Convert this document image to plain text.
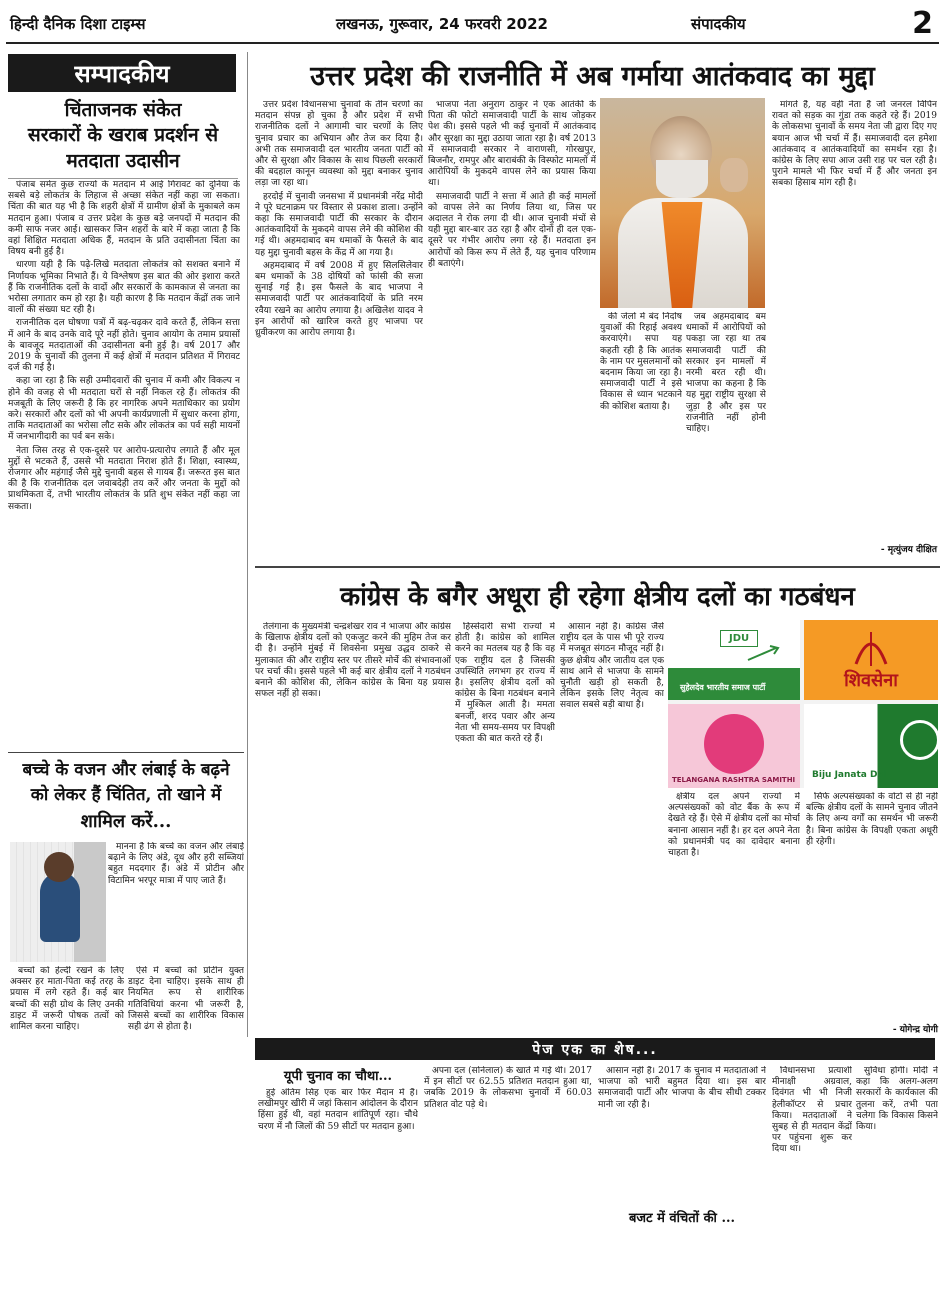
हिन्दी दैनिक दिशा टाइम्स	लखनऊ, गुरूवार, 24 फरवरी 2022	संपादकीय	2
सम्पादकीय
चिंताजनक संकेत
सरकारों के खराब प्रदर्शन से
मतदाता उदासीन

पंजाब समेत कुछ राज्यों के मतदान में आई गिरावट को दुनिया के सबसे बड़े लोकतंत्र के लिहाज से अच्छा संकेत नहीं कहा जा सकता। चिंता की बात यह भी है कि शहरी क्षेत्रों में ग्रामीण क्षेत्रों के मुकाबले कम मतदान हुआ। पंजाब व उत्तर प्रदेश के कुछ बड़े जनपदों में मतदान की कमी साफ नजर आई। खासकर जिन शहरों के बारे में कहा जाता है कि वहां शिक्षित मतदाता अधिक हैं, मतदान के प्रति उदासीनता चिंता का विषय बनी हुई है।

धारणा यही है कि पढ़े-लिखे मतदाता लोकतंत्र को सशक्त बनाने में निर्णायक भूमिका निभाते हैं। ये विश्लेषण इस बात की ओर इशारा करते हैं कि राजनीतिक दलों के वादों और सरकारों के कामकाज से जनता का भरोसा लगातार कम हो रहा है। यही कारण है कि मतदान केंद्रों तक जाने वालों की संख्या घट रही है।

राजनीतिक दल घोषणा पत्रों में बढ़-चढ़कर दावे करते हैं, लेकिन सत्ता में आने के बाद उनके वादे पूरे नहीं होते। चुनाव आयोग के तमाम प्रयासों के बावजूद मतदाताओं की उदासीनता बनी हुई है। वर्ष 2017 और 2019 के चुनावों की तुलना में कई क्षेत्रों में मतदान प्रतिशत में गिरावट दर्ज की गई है।

कहा जा रहा है कि सही उम्मीदवारों की चुनाव में कमी और विकल्प न होने की वजह से भी मतदाता घरों से नहीं निकल रहे हैं। लोकतंत्र की मजबूती के लिए जरूरी है कि हर नागरिक अपने मताधिकार का प्रयोग करे। सरकारों और दलों को भी अपनी कार्यप्रणाली में सुधार करना होगा, ताकि मतदाताओं का भरोसा लौट सके और लोकतंत्र का पर्व सही मायनों में जनभागीदारी का पर्व बन सके।

नेता जिस तरह से एक-दूसरे पर आरोप-प्रत्यारोप लगाते हैं और मूल मुद्दों से भटकते हैं, उससे भी मतदाता निराश होते हैं। शिक्षा, स्वास्थ्य, रोजगार और महंगाई जैसे मुद्दे चुनावी बहस से गायब हैं। जरूरत इस बात की है कि राजनीतिक दल जवाबदेही तय करें और जनता के मुद्दों को प्राथमिकता दें, तभी भारतीय लोकतंत्र के प्रति शुभ संकेत नहीं कहा जा सकता।

उत्तर प्रदेश की राजनीति में अब गर्माया आतंकवाद का मुद्दा

उत्तर प्रदेश विधानसभा चुनावों के तीन चरणों का मतदान संपन्न हो चुका है और प्रदेश में सभी राजनीतिक दलों ने आगामी चार चरणों के लिए चुनाव प्रचार का अभियान और तेज कर दिया है। अभी तक समाजवादी दल भारतीय जनता पार्टी को और से सुरक्षा और विकास के साथ पिछली सरकारों की बदहाल कानून व्यवस्था को मुद्दा बनाकर चुनाव लड़ा जा रहा था।

हरदोई में चुनावी जनसभा में प्रधानमंत्री नरेंद्र मोदी ने पूरे घटनाक्रम पर विस्तार से प्रकाश डाला। उन्होंने कहा कि समाजवादी पार्टी की सरकार के दौरान आतंकवादियों के मुकदमे वापस लेने की कोशिश की गई थी। अहमदाबाद बम धमाकों के फैसले के बाद यह मुद्दा चुनावी बहस के केंद्र में आ गया है।

अहमदाबाद में वर्ष 2008 में हुए सिलसिलेवार बम धमाकों के 38 दोषियों को फांसी की सजा सुनाई गई है। इस फैसले के बाद भाजपा ने समाजवादी पार्टी पर आतंकवादियों के प्रति नरम रवैया रखने का आरोप लगाया है। अखिलेश यादव ने इन आरोपों को खारिज करते हुए भाजपा पर ध्रुवीकरण का आरोप लगाया है।

भाजपा नेता अनुराग ठाकुर ने एक आतंकी के पिता की फोटो समाजवादी पार्टी के साथ जोड़कर पेश की। इससे पहले भी कई चुनावों में आतंकवाद और सुरक्षा का मुद्दा उठाया जाता रहा है। वर्ष 2013 में समाजवादी सरकार ने वाराणसी, गोरखपुर, बिजनौर, रामपुर और बाराबंकी के विस्फोट मामलों में आरोपियों के मुकदमे वापस लेने का प्रयास किया था।

समाजवादी पार्टी ने सत्ता में आते ही कई मामलों को वापस लेने का निर्णय लिया था, जिस पर अदालत ने रोक लगा दी थी। आज चुनावी मंचों से यही मुद्दा बार-बार उठ रहा है और दोनों ही दल एक-दूसरे पर गंभीर आरोप लगा रहे हैं। मतदाता इन आरोपों को किस रूप में लेते हैं, यह चुनाव परिणाम ही बताएंगे।

की जेलों में बंद निर्दोष युवाओं की रिहाई अवश्य करवाएंगे। सपा यह कहती रही है कि आतंक के नाम पर मुसलमानों को बदनाम किया जा रहा है। समाजवादी पार्टी ने इसे विकास से ध्यान भटकाने की कोशिश बताया है।

जब अहमदाबाद बम धमाकों में आरोपियों को पकड़ा जा रहा था तब समाजवादी पार्टी की सरकार इन मामलों में नरमी बरत रही थी। भाजपा का कहना है कि यह मुद्दा राष्ट्रीय सुरक्षा से जुड़ा है और इस पर राजनीति नहीं होनी चाहिए।

मांगते हैं, यह वहीं नेता हैं जो जनरल विपिन रावत को सड़क का गुंडा तक कहते रहे हैं। 2019 के लोकसभा चुनावों के समय नेता जी द्वारा दिए गए बयान आज भी चर्चा में हैं। समाजवादी दल हमेशा आतंकवाद व आतंकवादियों का समर्थन रहा है। कांग्रेस के लिए सपा आज उसी राह पर चल रही है। पुराने मामले भी फिर चर्चा में हैं और जनता इन सबका हिसाब मांग रही है।

- मृत्युंजय दीक्षित
कांग्रेस के बगैर अधूरा ही रहेगा क्षेत्रीय दलों का गठबंधन

तेलंगाना के मुख्यमंत्री चन्द्रशेखर राव ने भाजपा और कांग्रेस के खिलाफ क्षेत्रीय दलों को एकजुट करने की मुहिम तेज कर दी है। उन्होंने मुंबई में शिवसेना प्रमुख उद्धव ठाकरे से मुलाकात की और राष्ट्रीय स्तर पर तीसरे मोर्चे की संभावनाओं पर चर्चा की। इससे पहले भी कई बार क्षेत्रीय दलों ने गठबंधन बनाने की कोशिश की, लेकिन कांग्रेस के बिना यह प्रयास सफल नहीं हो सका।

हिस्सेदारी सभी राज्यों में होती है। कांग्रेस को शामिल करने का मतलब यह है कि वह एक राष्ट्रीय दल है जिसकी उपस्थिति लगभग हर राज्य में है। इसलिए क्षेत्रीय दलों को कांग्रेस के बिना गठबंधन बनाने में मुश्किल आती है। ममता बनर्जी, शरद पवार और अन्य नेता भी समय-समय पर विपक्षी एकता की बात करते रहे हैं।

आसान नहीं है। कांग्रेस जैसे राष्ट्रीय दल के पास भी पूरे राज्य में मजबूत संगठन मौजूद नहीं है। कुछ क्षेत्रीय और जातीय दल एक साथ आने से भाजपा के सामने चुनौती खड़ी हो सकती है, लेकिन इसके लिए नेतृत्व का सवाल सबसे बड़ी बाधा है।

JDU
सुहेलदेव भारतीय समाज पार्टी	शिवसेना
TELANGANA RASHTRA SAMITHI Biju Janata Dal

क्षेत्रीय दल अपने राज्यों में अल्पसंख्यकों को वोट बैंक के रूप में देखते रहे हैं। ऐसे में क्षेत्रीय दलों का मोर्चा बनाना आसान नहीं है। हर दल अपने नेता को प्रधानमंत्री पद का दावेदार बनाना चाहता है।

सिर्फ अल्पसंख्यकों के वोटों से ही नहीं बल्कि क्षेत्रीय दलों के सामने चुनाव जीतने के लिए अन्य वर्गों का समर्थन भी जरूरी है। बिना कांग्रेस के विपक्षी एकता अधूरी ही रहेगी।

- योगेन्द्र योगी
बच्चे के वजन और लंबाई के बढ़ने
को लेकर हैं चिंतित, तो खाने में
शामिल करें...

मानना है कि बच्चे का वजन और लंबाई बढ़ाने के लिए अंडे, दूध और हरी सब्जियां बहुत मददगार हैं। अंडे में प्रोटीन और विटामिन भरपूर मात्रा में पाए जाते हैं।

बच्चों को हेल्दी रखने के लिए अक्सर हर माता-पिता कई तरह के प्रयास में लगे रहते हैं। कई बार बच्चों की सही ग्रोथ के लिए उनकी डाइट में जरूरी पोषक तत्वों को शामिल करना चाहिए।

ऐसे में बच्चों को प्रोटीन युक्त डाइट देना चाहिए। इसके साथ ही नियमित रूप से शारीरिक गतिविधियां करना भी जरूरी है, जिससे बच्चों का शारीरिक विकास सही ढंग से होता है।

पेज एक का शेष...
यूपी चुनाव का चौथा...

हुई अंतिम सिंह एक बार फिर मैदान में हैं। लखीमपुर खीरी में जहां किसान आंदोलन के दौरान हिंसा हुई थी, वहां मतदान शांतिपूर्ण रहा। चौथे चरण में नौ जिलों की 59 सीटों पर मतदान हुआ।

अपना दल (सोनेलाल) के खाते में गई थी। 2017 में इन सीटों पर 62.55 प्रतिशत मतदान हुआ था, जबकि 2019 के लोकसभा चुनावों में 60.03 प्रतिशत वोट पड़े थे।

आसान नहीं है। 2017 के चुनाव में मतदाताओं ने भाजपा को भारी बहुमत दिया था। इस बार समाजवादी पार्टी और भाजपा के बीच सीधी टक्कर मानी जा रही है।

बजट में वंचितों की ...

विधानसभा प्रत्याशी मीनाक्षी अग्रवाल, दिवंगत भी भी निजी हेलीकॉप्टर से प्रचार किया। मतदाताओं ने सुबह से ही मतदान केंद्रों पर पहुंचना शुरू कर दिया था।

सुविधा होगी। मोदी ने कहा कि अलग-अलग सरकारों के कार्यकाल की तुलना करें, तभी पता चलेगा कि विकास किसने किया।
